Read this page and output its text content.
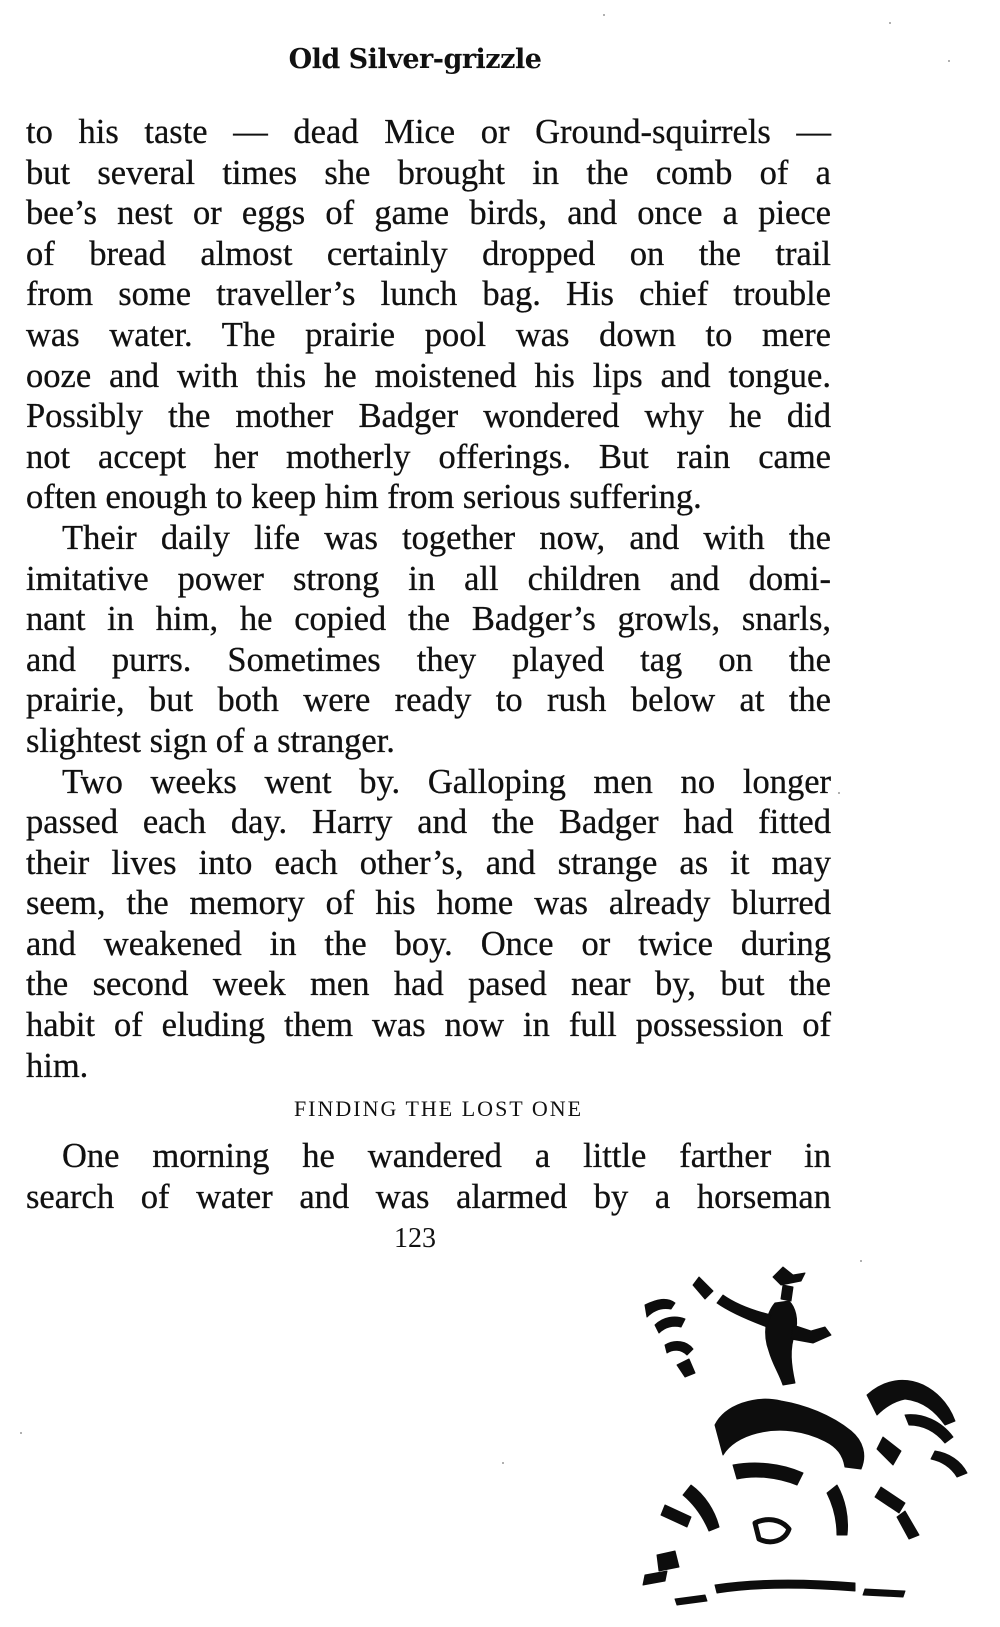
Old Silver-grizzle
to his taste — dead Mice or Ground-squirrels —
but several times she brought in the comb of a
bee’s nest or eggs of game birds, and once a piece
of bread almost certainly dropped on the trail
from some traveller’s lunch bag. His chief trouble
was water. The prairie pool was down to mere
ooze and with this he moistened his lips and tongue.
Possibly the mother Badger wondered why he did
not accept her motherly offerings. But rain came
often enough to keep him from serious suffering.
Their daily life was together now, and with the
imitative power strong in all children and domi-
nant in him, he copied the Badger’s growls, snarls,
and purrs. Sometimes they played tag on the
prairie, but both were ready to rush below at the
slightest sign of a stranger.
Two weeks went by. Galloping men no longer
passed each day. Harry and the Badger had fitted
their lives into each other’s, and strange as it may
seem, the memory of his home was already blurred
and weakened in the boy. Once or twice during
the second week men had pased near by, but the
habit of eluding them was now in full possession of
him.
FINDING THE LOST ONE
One morning he wandered a little farther in
search of water and was alarmed by a horseman
123
